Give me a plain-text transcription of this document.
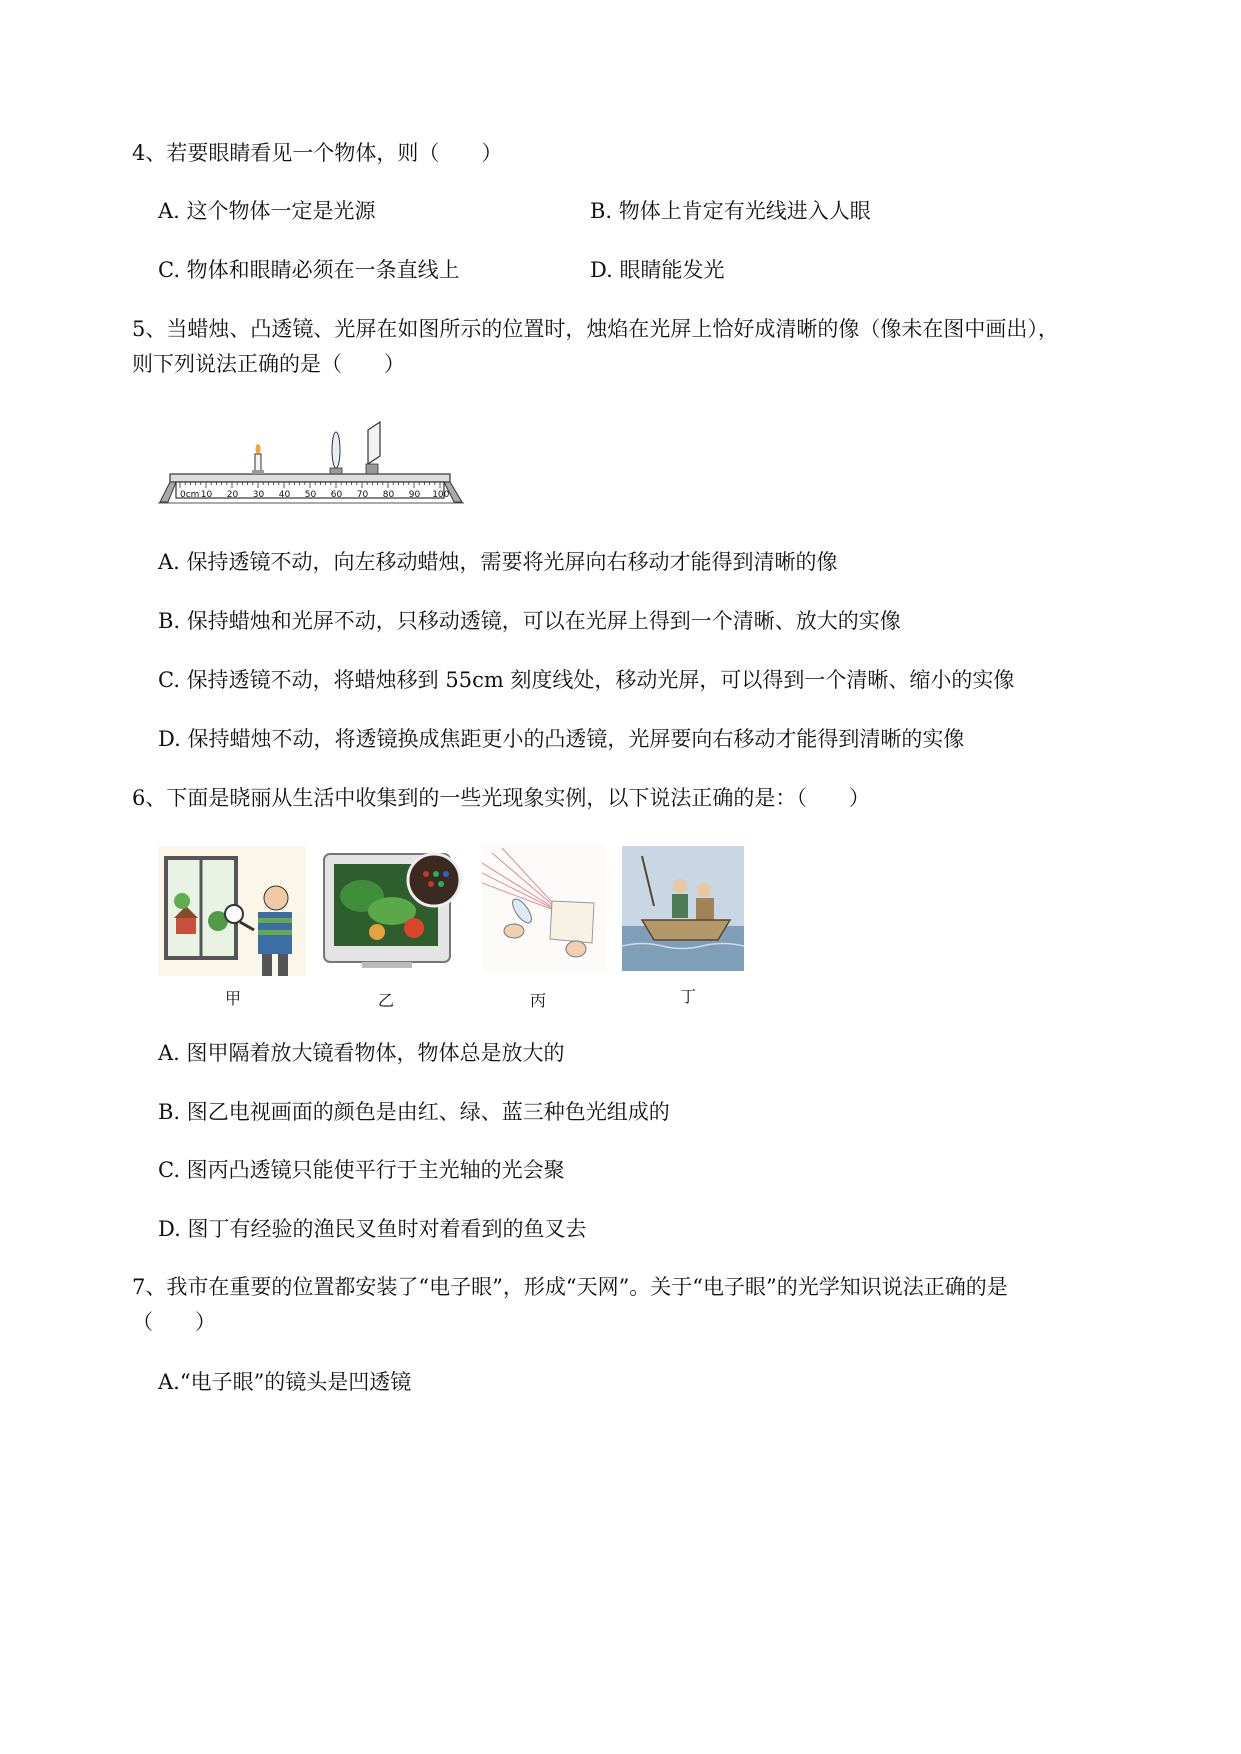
4、若要眼睛看见一个物体，则（　　）
A. 这个物体一定是光源	B. 物体上肯定有光线进入人眼
C. 物体和眼睛必须在一条直线上	D. 眼睛能发光
5、当蜡烛、凸透镜、光屏在如图所示的位置时，烛焰在光屏上恰好成清晰的像（像未在图中画出），
则下列说法正确的是（　　）
0cm 10 20 30 40 50 60 70 80 90 100
A. 保持透镜不动，向左移动蜡烛，需要将光屏向右移动才能得到清晰的像
B. 保持蜡烛和光屏不动，只移动透镜，可以在光屏上得到一个清晰、放大的实像
C. 保持透镜不动，将蜡烛移到 55cm 刻度线处，移动光屏，可以得到一个清晰、缩小的实像
D. 保持蜡烛不动，将透镜换成焦距更小的凸透镜，光屏要向右移动才能得到清晰的实像
6、下面是晓丽从生活中收集到的一些光现象实例，以下说法正确的是：（　　）
甲	乙	丙	丁
A. 图甲隔着放大镜看物体，物体总是放大的
B. 图乙电视画面的颜色是由红、绿、蓝三种色光组成的
C. 图丙凸透镜只能使平行于主光轴的光会聚
D. 图丁有经验的渔民叉鱼时对着看到的鱼叉去
7、我市在重要的位置都安装了“电子眼”，形成“天网”。关于“电子眼”的光学知识说法正确的是
（　　）
A.“电子眼”的镜头是凹透镜
